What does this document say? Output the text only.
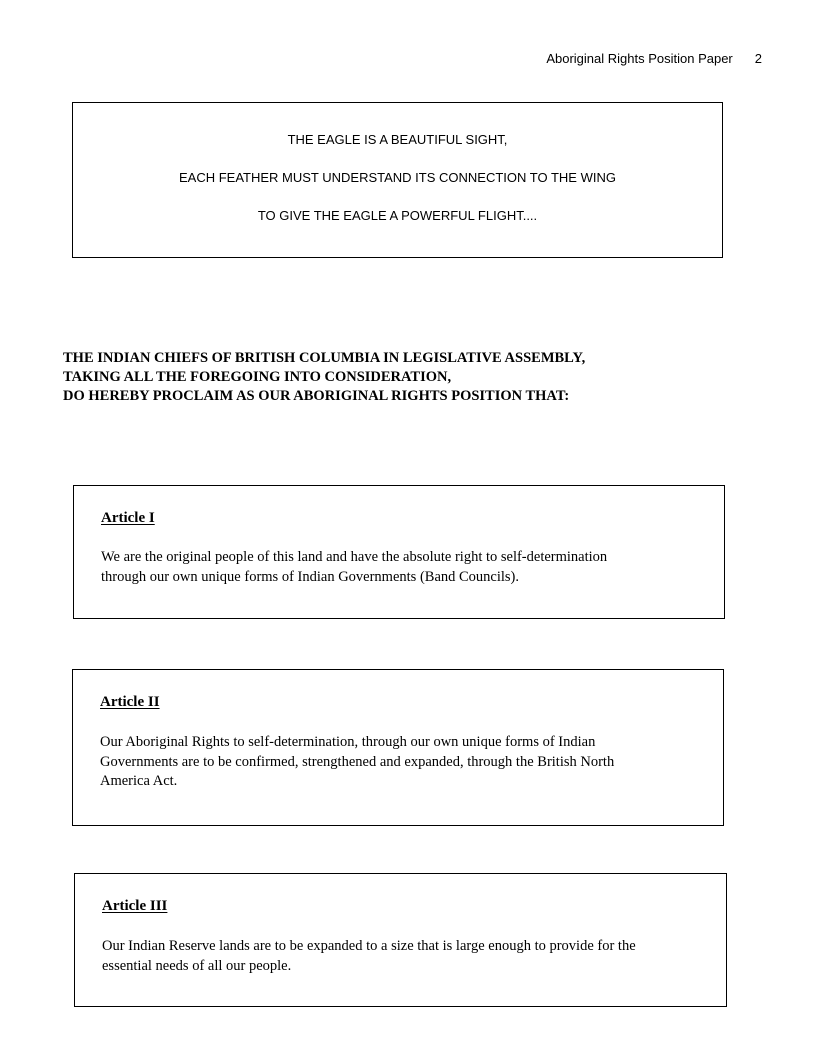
Aboriginal Rights Position Paper 2
THE EAGLE IS A BEAUTIFUL SIGHT,
EACH FEATHER MUST UNDERSTAND ITS CONNECTION TO THE WING
TO GIVE THE EAGLE A POWERFUL FLIGHT....
THE INDIAN CHIEFS OF BRITISH COLUMBIA IN LEGISLATIVE ASSEMBLY,
TAKING ALL THE FOREGOING INTO CONSIDERATION,
DO HEREBY PROCLAIM AS OUR ABORIGINAL RIGHTS POSITION THAT:
Article I
We are the original people of this land and have the absolute right to self-determination
through our own unique forms of Indian Governments (Band Councils).
Article II
Our Aboriginal Rights to self-determination, through our own unique forms of Indian
Governments are to be confirmed, strengthened and expanded, through the British North
America Act.
Article III
Our Indian Reserve lands are to be expanded to a size that is large enough to provide for the
essential needs of all our people.
